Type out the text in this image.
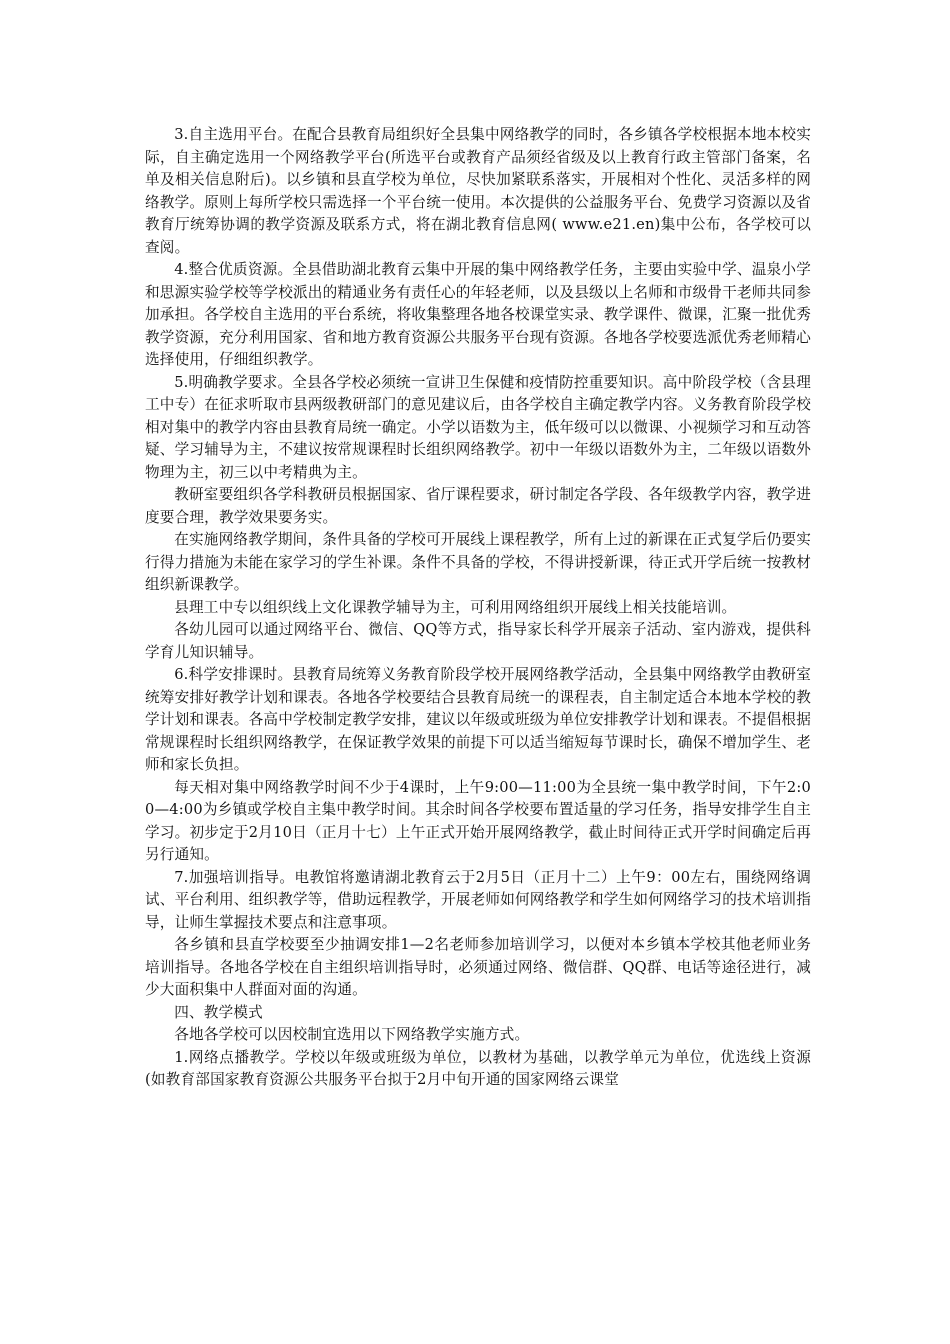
3.自主选用平台。在配合县教育局组织好全县集中网络教学的同时，各乡镇各学校根据本地本校实际，自主确定选用一个网络教学平台(所选平台或教育产品须经省级及以上教育行政主管部门备案，名单及相关信息附后)。以乡镇和县直学校为单位，尽快加紧联系落实，开展相对个性化、灵活多样的网络教学。原则上每所学校只需选择一个平台统一使用。本次提供的公益服务平台、免费学习资源以及省教育厅统筹协调的教学资源及联系方式，将在湖北教育信息网( www.e21.en)集中公布，各学校可以查阅。

4.整合优质资源。全县借助湖北教育云集中开展的集中网络教学任务，主要由实验中学、温泉小学和思源实验学校等学校派出的精通业务有责任心的年轻老师，以及县级以上名师和市级骨干老师共同参加承担。各学校自主选用的平台系统，将收集整理各地各校课堂实录、教学课件、微课，汇聚一批优秀教学资源，充分利用国家、省和地方教育资源公共服务平台现有资源。各地各学校要选派优秀老师精心选择使用，仔细组织教学。

5.明确教学要求。全县各学校必须统一宣讲卫生保健和疫情防控重要知识。高中阶段学校（含县理工中专）在征求听取市县两级教研部门的意见建议后，由各学校自主确定教学内容。义务教育阶段学校相对集中的教学内容由县教育局统一确定。小学以语数为主，低年级可以以微课、小视频学习和互动答疑、学习辅导为主，不建议按常规课程时长组织网络教学。初中一年级以语数外为主，二年级以语数外物理为主，初三以中考精典为主。

教研室要组织各学科教研员根据国家、省厅课程要求，研讨制定各学段、各年级教学内容，教学进度要合理，教学效果要务实。

在实施网络教学期间，条件具备的学校可开展线上课程教学，所有上过的新课在正式复学后仍要实行得力措施为未能在家学习的学生补课。条件不具备的学校，不得讲授新课，待正式开学后统一按教材组织新课教学。

县理工中专以组织线上文化课教学辅导为主，可利用网络组织开展线上相关技能培训。

各幼儿园可以通过网络平台、微信、QQ等方式，指导家长科学开展亲子活动、室内游戏，提供科学育儿知识辅导。

6.科学安排课时。县教育局统筹义务教育阶段学校开展网络教学活动，全县集中网络教学由教研室统筹安排好教学计划和课表。各地各学校要结合县教育局统一的课程表，自主制定适合本地本学校的教学计划和课表。各高中学校制定教学安排，建议以年级或班级为单位安排教学计划和课表。不提倡根据常规课程时长组织网络教学，在保证教学效果的前提下可以适当缩短每节课时长，确保不增加学生、老师和家长负担。

每天相对集中网络教学时间不少于4课时，上午9:00—11:00为全县统一集中教学时间，下午2:00—4:00为乡镇或学校自主集中教学时间。其余时间各学校要布置适量的学习任务，指导安排学生自主学习。初步定于2月10日（正月十七）上午正式开始开展网络教学，截止时间待正式开学时间确定后再另行通知。

7.加强培训指导。电教馆将邀请湖北教育云于2月5日（正月十二）上午9：00左右，围绕网络调试、平台利用、组织教学等，借助远程教学，开展老师如何网络教学和学生如何网络学习的技术培训指导，让师生掌握技术要点和注意事项。

各乡镇和县直学校要至少抽调安排1—2名老师参加培训学习，以便对本乡镇本学校其他老师业务培训指导。各地各学校在自主组织培训指导时，必须通过网络、微信群、QQ群、电话等途径进行，减少大面积集中人群面对面的沟通。

四、教学模式

各地各学校可以因校制宜选用以下网络教学实施方式。

1.网络点播教学。学校以年级或班级为单位，以教材为基础，以教学单元为单位，优选线上资源(如教育部国家教育资源公共服务平台拟于2月中旬开通的国家网络云课堂
